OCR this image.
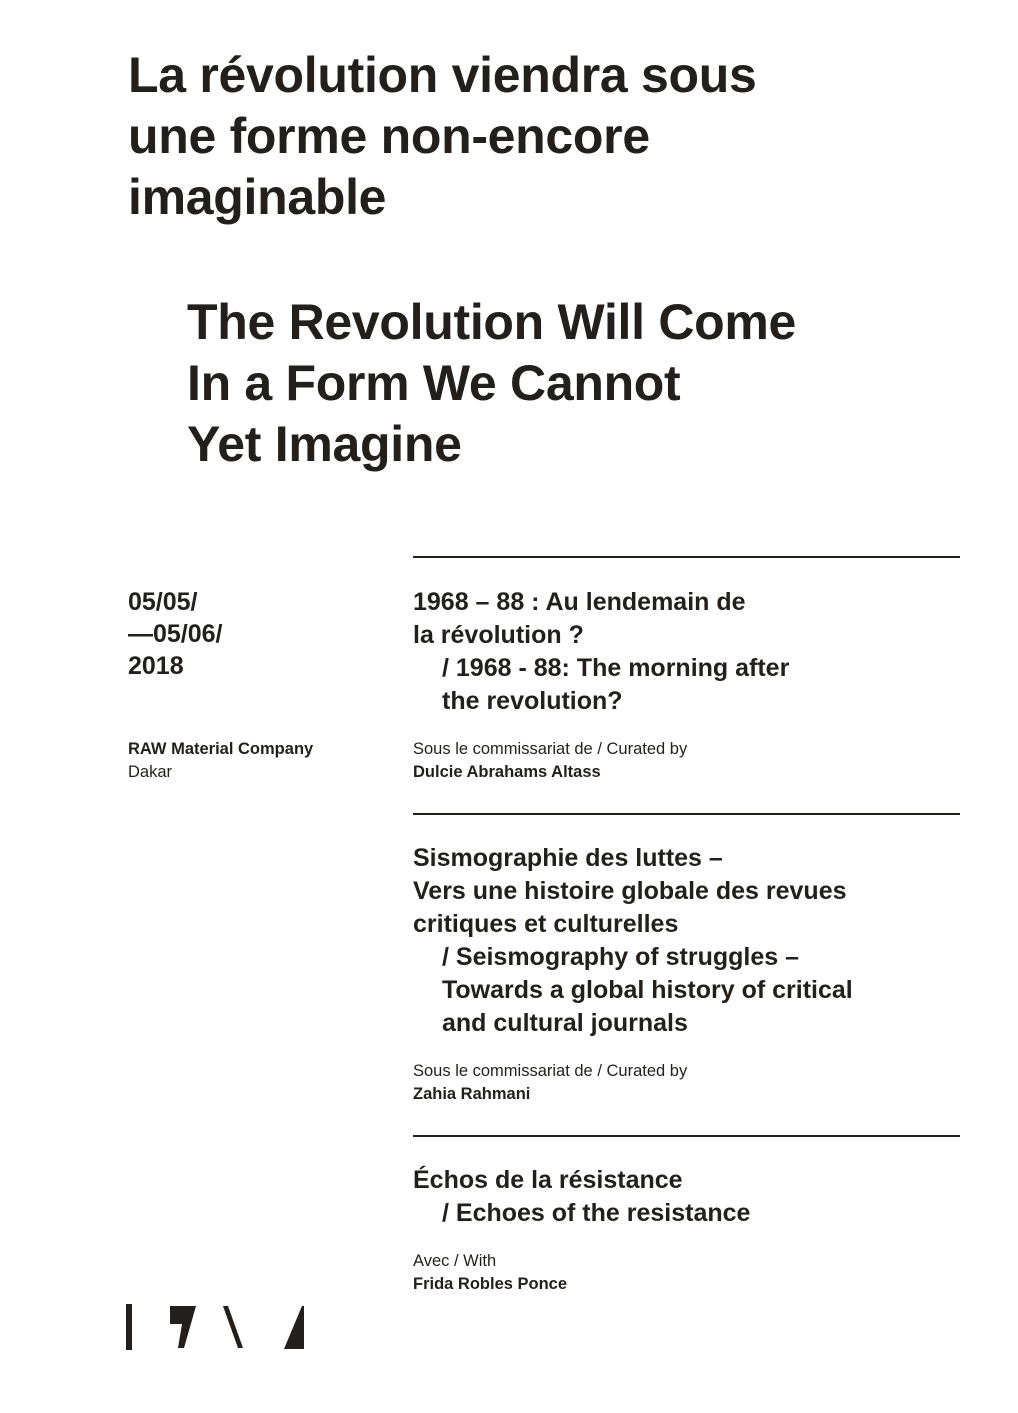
La révolution viendra sous
une forme non-encore
imaginable
The Revolution Will Come
In a Form We Cannot
Yet Imagine
05/05/
—05/06/
2018
RAW Material Company
Dakar
1968 – 88 : Au lendemain de
la révolution ?
/ 1968 - 88: The morning after
the revolution?
Sous le commissariat de / Curated by
Dulcie Abrahams Altass
Sismographie des luttes –
Vers une histoire globale des revues
critiques et culturelles
/ Seismography of struggles –
Towards a global history of critical
and cultural journals
Sous le commissariat de / Curated by
Zahia Rahmani
Échos de la résistance
/ Echoes of the resistance
Avec / With
Frida Robles Ponce
